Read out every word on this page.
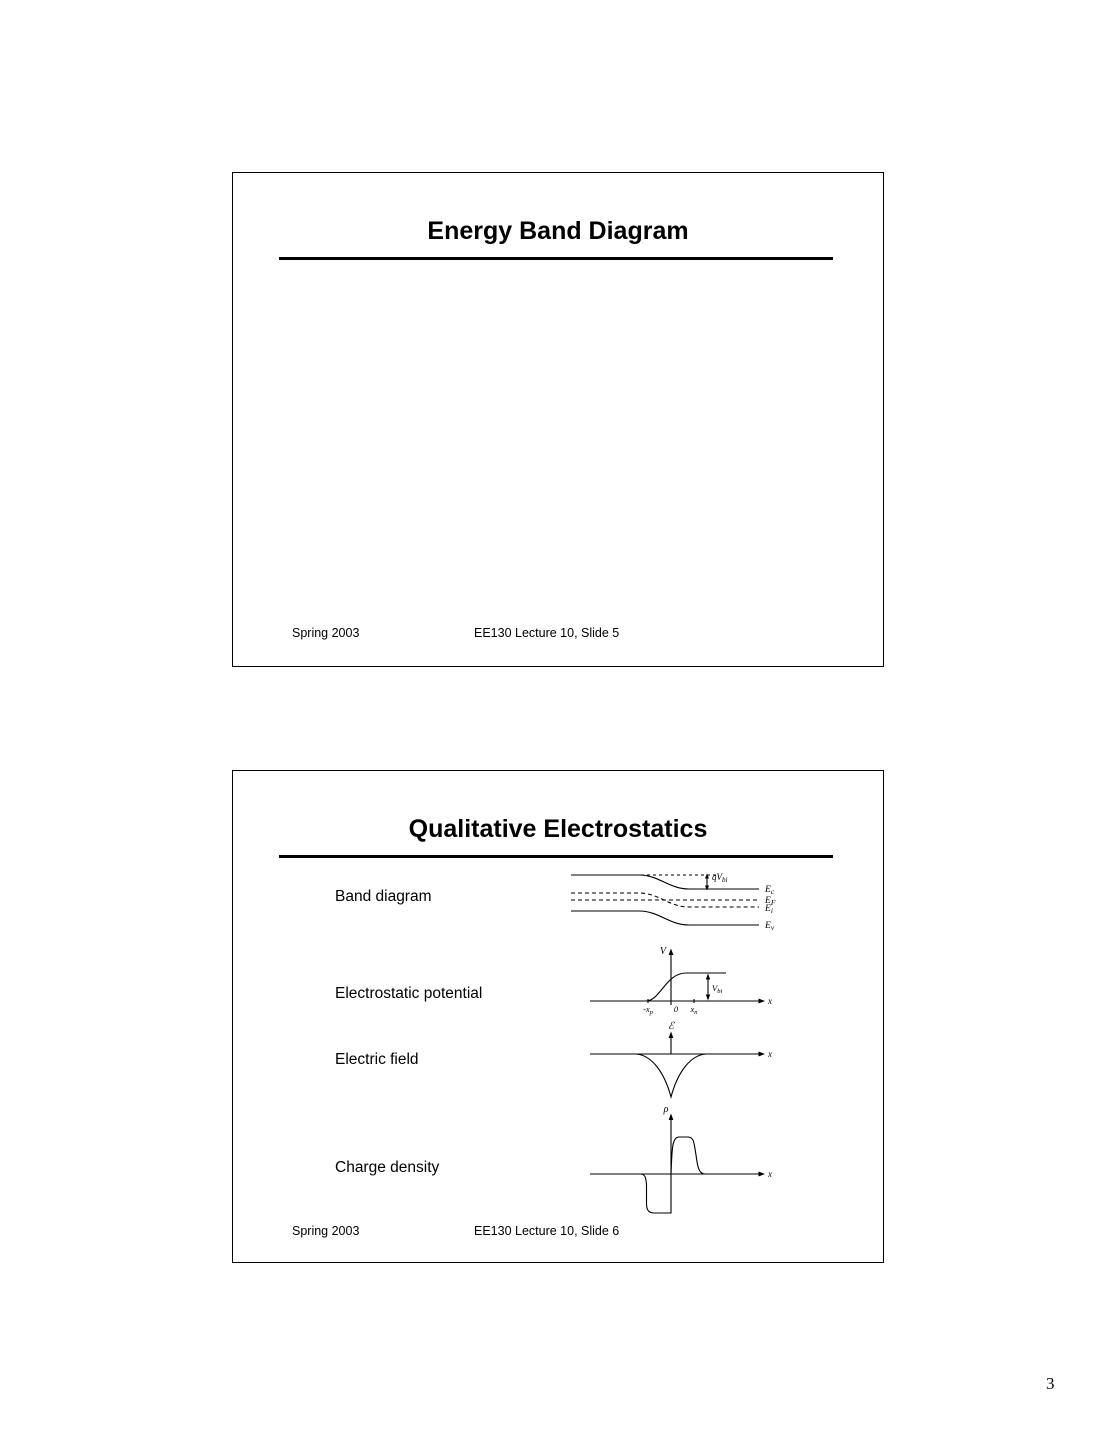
Energy Band Diagram
Spring 2003	EE130 Lecture 10, Slide 5
Qualitative Electrostatics
Band diagram
Electrostatic potential
Electric field
Charge density
$qV_{bi}$
$E_c$
$E_F$
$E_i$
$E_v$
V
x
$V_{bi}$
$-x_p$ 0 $x_n$
ℰ
x
ρ
x
Spring 2003	EE130 Lecture 10, Slide 6
3
